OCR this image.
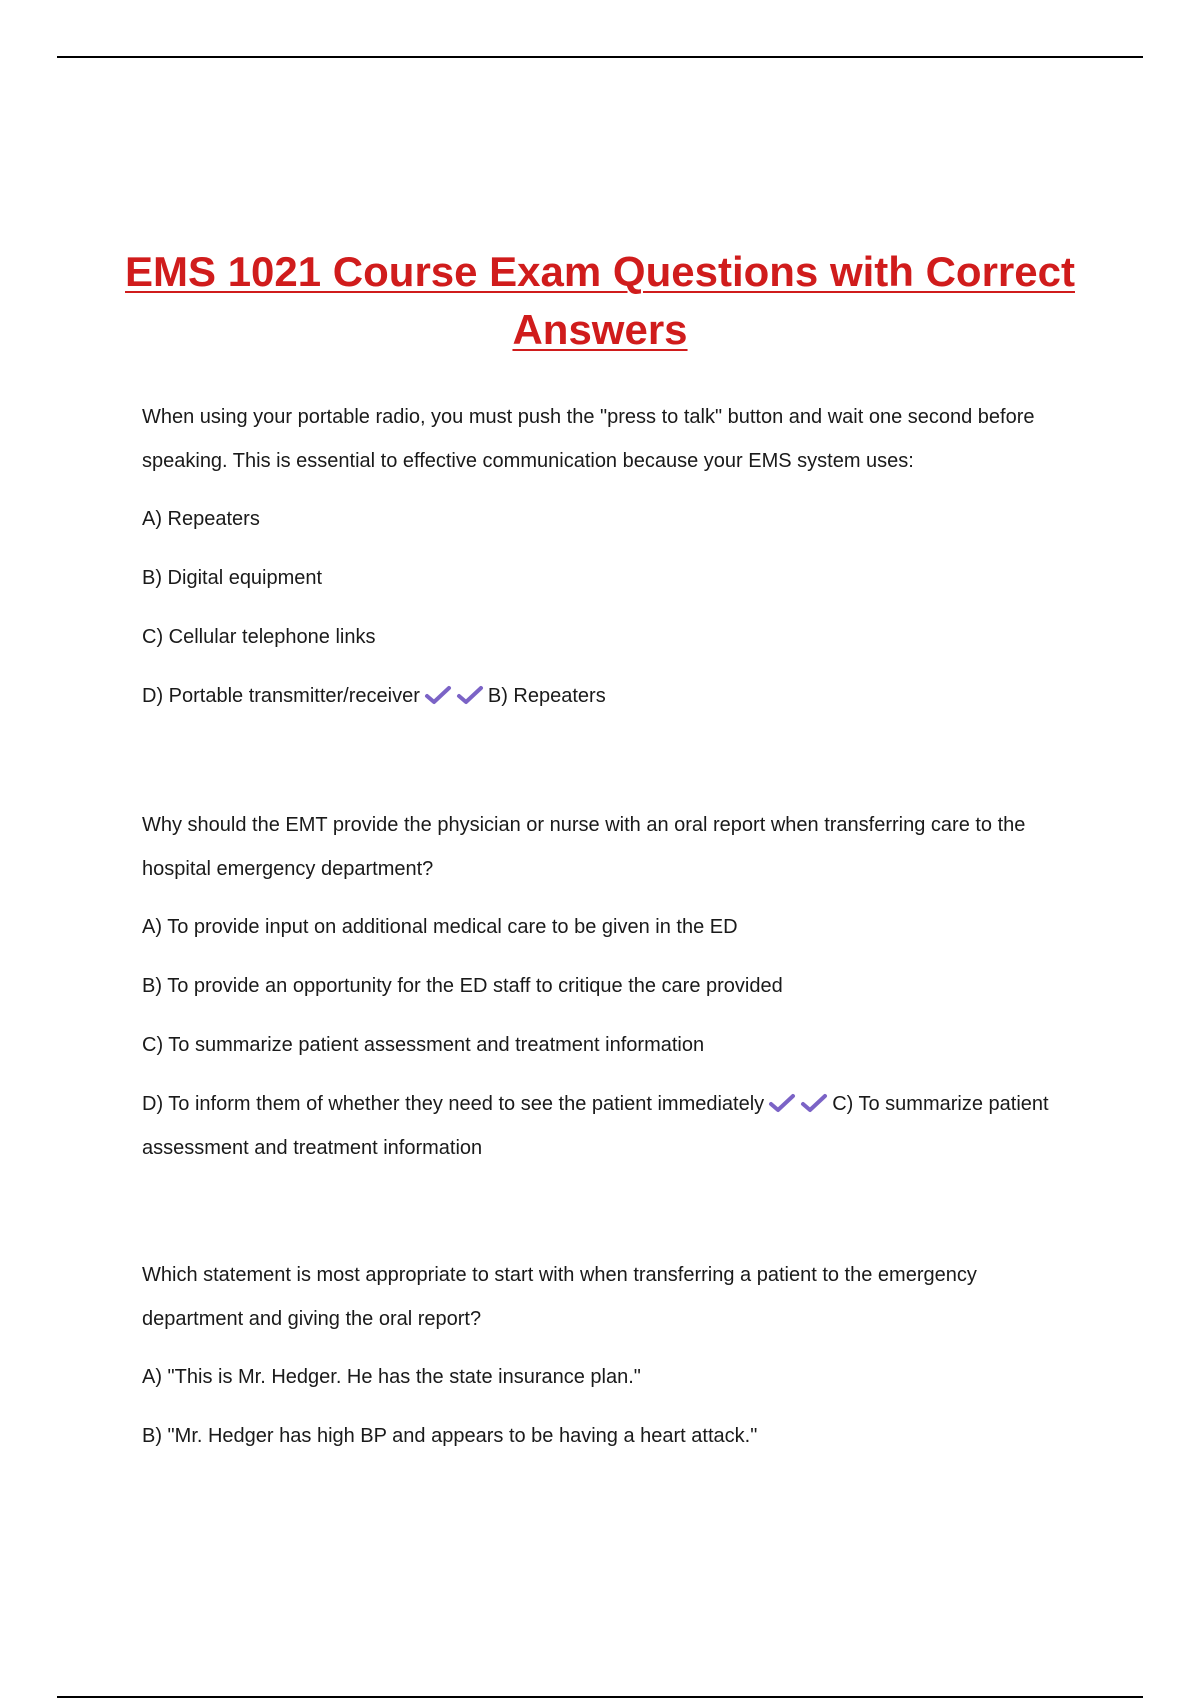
EMS 1021 Course Exam Questions with Correct Answers

When using your portable radio, you must push the "press to talk" button and wait one second before speaking. This is essential to effective communication because your EMS system uses:

A) Repeaters

B) Digital equipment

C) Cellular telephone links

D) Portable transmitter/receiver	B) Repeaters

Why should the EMT provide the physician or nurse with an oral report when transferring care to the hospital emergency department?

A) To provide input on additional medical care to be given in the ED

B) To provide an opportunity for the ED staff to critique the care provided

C) To summarize patient assessment and treatment information

D) To inform them of whether they need to see the patient immediately	C) To summarize patient assessment and treatment information

Which statement is most appropriate to start with when transferring a patient to the emergency department and giving the oral report?

A) "This is Mr. Hedger. He has the state insurance plan."

B) "Mr. Hedger has high BP and appears to be having a heart attack."
